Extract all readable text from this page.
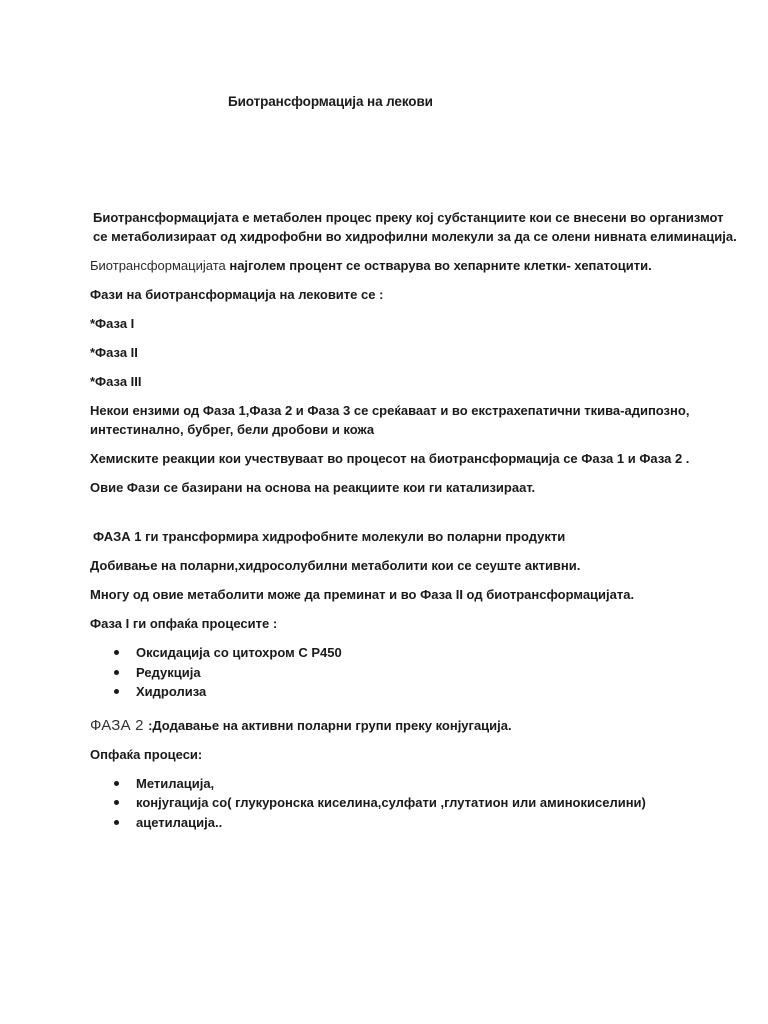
Биотрансформација на лекови
Биотрансформацијата е метаболен процес преку кој субстанциите кои се внесени во организмот
се метаболизираат од хидрофобни во хидрофилни молекули за да се олени нивната елиминација.
Биотрансформацијата најголем процент се остварува во хепарните клетки- хепатоцити.
Фази на биотрансформација на лековите се :
*Фаза I
*Фаза II
*Фаза III
Некои ензими од Фаза 1,Фаза 2 и Фаза 3 се среќаваат и во екстрахепатични ткива-адипозно,
интестинално, бубрег, бели дробови и кожа
Хемиските реакции кои учествуваат во процесот на биотрансформација се Фаза 1 и Фаза 2 .
Овие Фази се базирани на основа на реакциите кои ги катализираат.
ФАЗА 1 ги трансформира хидрофобните молекули во поларни продукти
Добивање на поларни,хидросолубилни метаболити кои се сеуште активни.
Многу од овие метаболити може да преминат и во Фаза II од биотрансформацијата.
Фаза I ги опфаќа процесите :
Оксидација со цитохром С Р450
Редукција
Хидролиза
ФАЗА 2 :Додавање на активни поларни групи преку конјугација.
Опфаќа процеси:
Метилација,
конјугација со( глукуронска киселина,сулфати ,глутатион или аминокиселини)
ацетилација..
